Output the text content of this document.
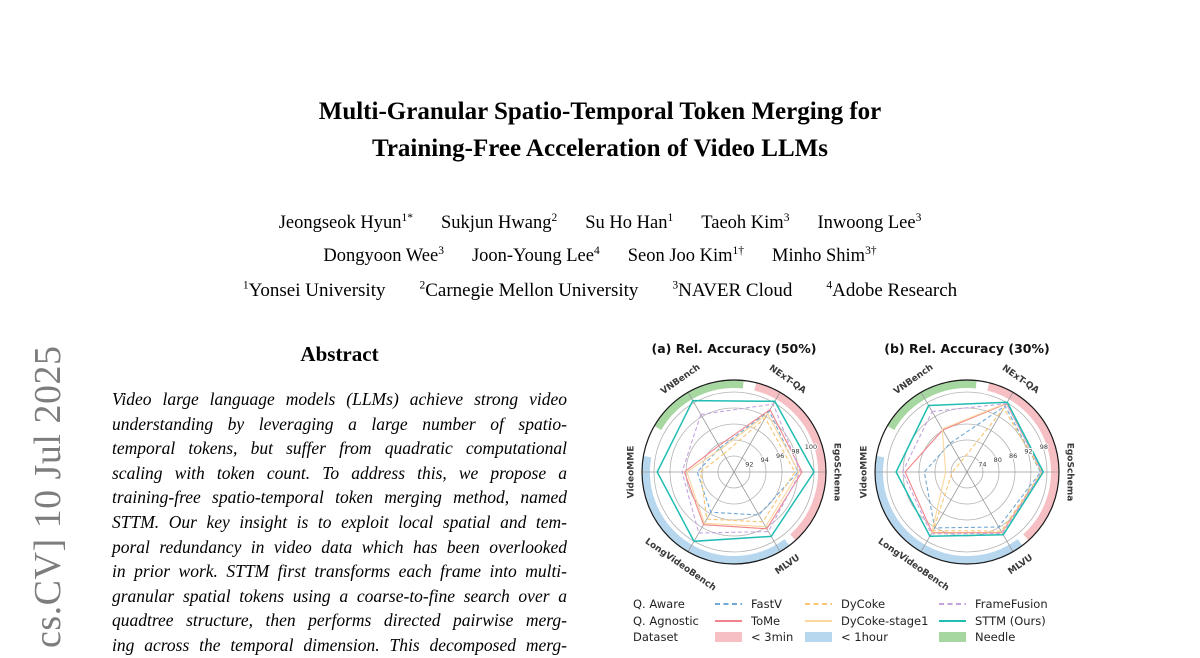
cs.CV] 10 Jul 2025
Multi-Granular Spatio-Temporal Token Merging for
Training-Free Acceleration of Video LLMs
Jeongseok Hyun$^{1*}$ Sukjun Hwang$^2$ Su Ho Han$^1$ Taeoh Kim$^3$ Inwoong Lee$^3$
Dongyoon Wee$^3$ Joon-Young Lee$^4$ Seon Joo Kim$^{1\dagger}$ Minho Shim$^{3\dagger}$
$^1$Yonsei University	$^2$Carnegie Mellon University	$^3$NAVER Cloud	$^4$Adobe Research
Abstract
Video large language models (LLMs) achieve strong video
understanding by leveraging a large number of spatio-
temporal tokens, but suffer from quadratic computational
scaling with token count. To address this, we propose a
training-free spatio-temporal token merging method, named
STTM. Our key insight is to exploit local spatial and tem-
poral redundancy in video data which has been overlooked
in prior work. STTM first transforms each frame into multi-
granular spatial tokens using a coarse-to-fine search over a
quadtree structure, then performs directed pairwise merg-
ing across the temporal dimension. This decomposed merg-
(a) Rel. Accuracy (50%)	(b) Rel. Accuracy (30%)
92
94
96
98
100
VNBench	NExT-QA
EgoSchema
MLVU
LongVideoBench
VideoMME	74
80
86
92
98
VNBench	NExT-QA
EgoSchema
MLVU
LongVideoBench
VideoMME
Q. Aware	FastV	DyCoke	FrameFusion
Q. Agnostic	ToMe	DyCoke-stage1	STTM (Ours)
Dataset	< 3min	< 1hour	Needle
